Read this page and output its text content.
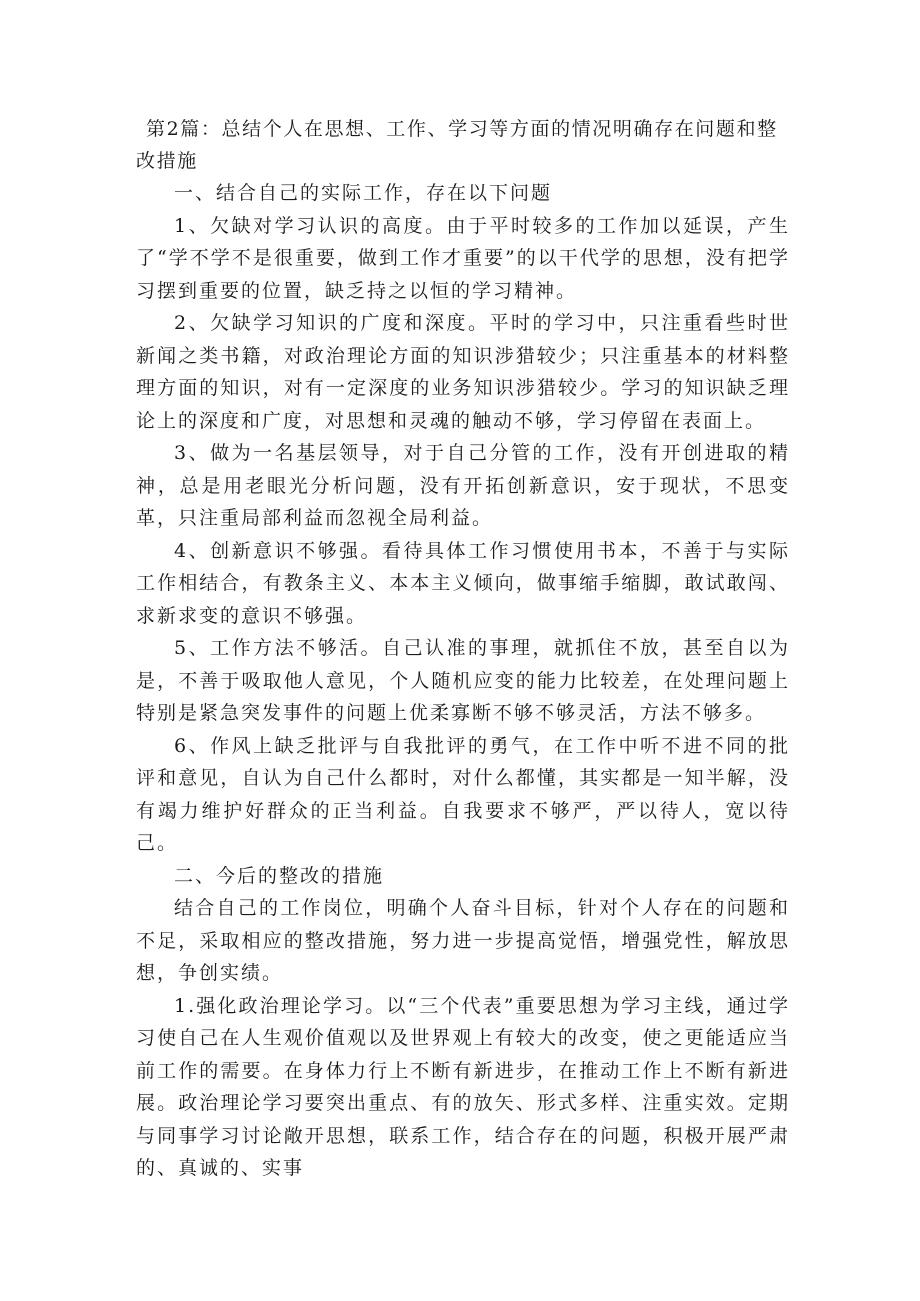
第2篇：总结个人在思想、工作、学习等方面的情况明确存在问题和整改措施

一、结合自己的实际工作，存在以下问题

1、欠缺对学习认识的高度。由于平时较多的工作加以延误，产生了“学不学不是很重要，做到工作才重要”的以干代学的思想，没有把学习摆到重要的位置，缺乏持之以恒的学习精神。

2、欠缺学习知识的广度和深度。平时的学习中，只注重看些时世新闻之类书籍，对政治理论方面的知识涉猎较少；只注重基本的材料整理方面的知识，对有一定深度的业务知识涉猎较少。学习的知识缺乏理论上的深度和广度，对思想和灵魂的触动不够，学习停留在表面上。

3、做为一名基层领导，对于自己分管的工作，没有开创进取的精神，总是用老眼光分析问题，没有开拓创新意识，安于现状，不思变革，只注重局部利益而忽视全局利益。

4、创新意识不够强。看待具体工作习惯使用书本，不善于与实际工作相结合，有教条主义、本本主义倾向，做事缩手缩脚，敢试敢闯、求新求变的意识不够强。

5、工作方法不够活。自己认准的事理，就抓住不放，甚至自以为是，不善于吸取他人意见，个人随机应变的能力比较差，在处理问题上特别是紧急突发事件的问题上优柔寡断不够不够灵活，方法不够多。

6、作风上缺乏批评与自我批评的勇气，在工作中听不进不同的批评和意见，自认为自己什么都时，对什么都懂，其实都是一知半解，没有竭力维护好群众的正当利益。自我要求不够严，严以待人，宽以待己。

二、今后的整改的措施

结合自己的工作岗位，明确个人奋斗目标，针对个人存在的问题和不足，采取相应的整改措施，努力进一步提高觉悟，增强党性，解放思想，争创实绩。

1.强化政治理论学习。以“三个代表”重要思想为学习主线，通过学习使自己在人生观价值观以及世界观上有较大的改变，使之更能适应当前工作的需要。在身体力行上不断有新进步，在推动工作上不断有新进展。政治理论学习要突出重点、有的放矢、形式多样、注重实效。定期与同事学习讨论敞开思想，联系工作，结合存在的问题，积极开展严肃的、真诚的、实事
